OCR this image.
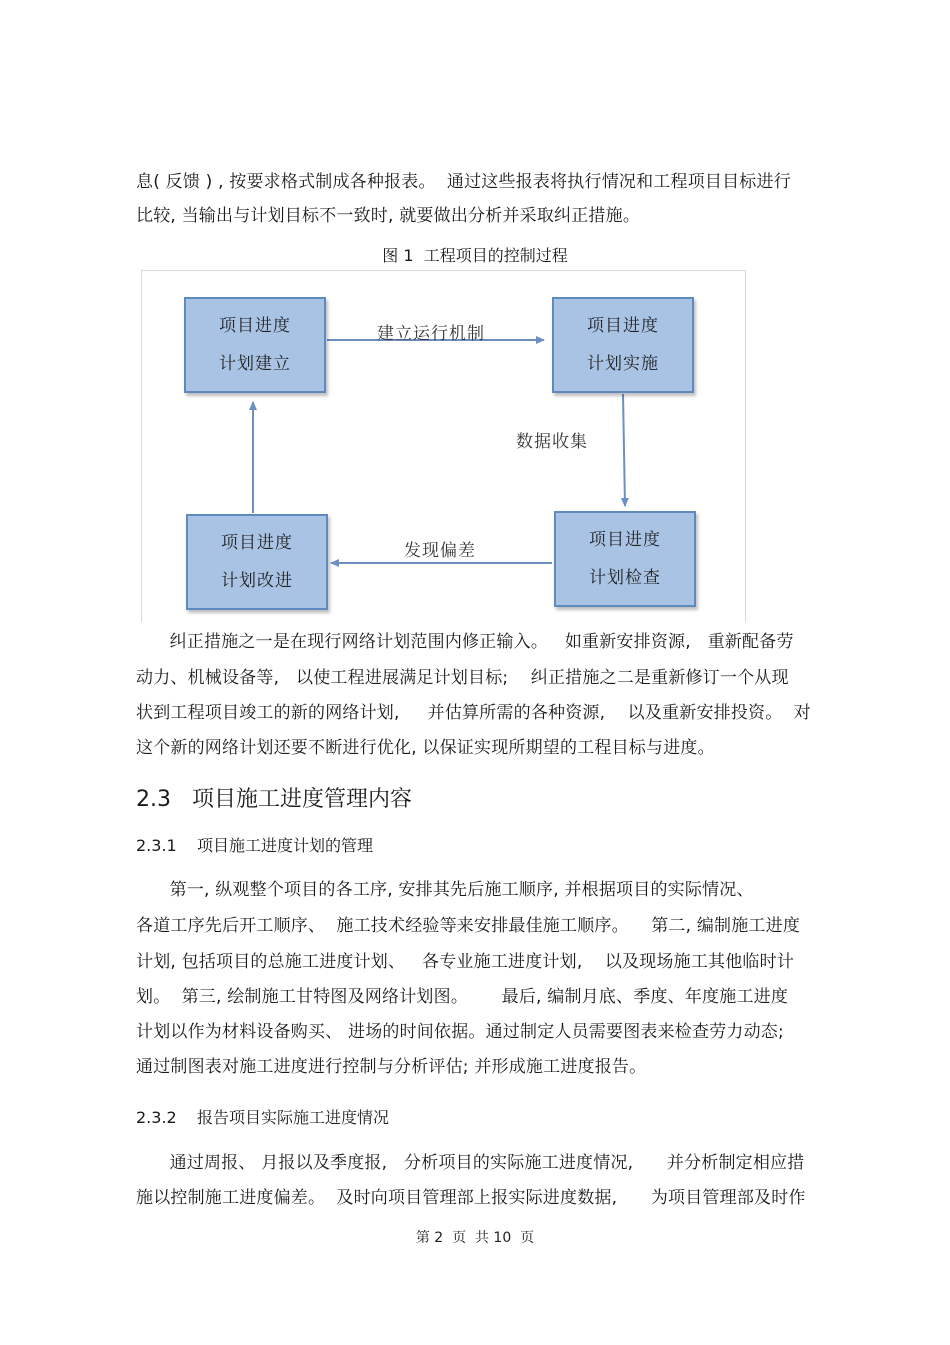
息( 反馈 ) , 按要求格式制成各种报表。  通过这些报表将执行情况和工程项目目标进行
比较, 当输出与计划目标不一致时, 就要做出分析并采取纠正措施。
图 1  工程项目的控制过程
项目进度
计划建立
项目进度
计划实施
项目进度
计划检查
项目进度
计划改进
建立运行机制
数据收集
发现偏差
纠正措施之一是在现行网络计划范围内修正输入。   如重新安排资源,   重新配备劳
动力、机械设备等,   以使工程进展满足计划目标;    纠正措施之二是重新修订一个从现
状到工程项目竣工的新的网络计划,     并估算所需的各种资源,    以及重新安排投资。  对
这个新的网络计划还要不断进行优化, 以保证实现所期望的工程目标与进度。
2.3   项目施工进度管理内容
2.3.1    项目施工进度计划的管理
第一, 纵观整个项目的各工序, 安排其先后施工顺序, 并根据项目的实际情况、
各道工序先后开工顺序、  施工技术经验等来安排最佳施工顺序。    第二, 编制施工进度
计划, 包括项目的总施工进度计划、   各专业施工进度计划,    以及现场施工其他临时计
划。  第三, 绘制施工甘特图及网络计划图。      最后, 编制月底、季度、年度施工进度
计划以作为材料设备购买、 进场的时间依据。通过制定人员需要图表来检查劳力动态;
通过制图表对施工进度进行控制与分析评估; 并形成施工进度报告。
2.3.2    报告项目实际施工进度情况
通过周报、 月报以及季度报,   分析项目的实际施工进度情况,      并分析制定相应措
施以控制施工进度偏差。  及时向项目管理部上报实际进度数据,      为项目管理部及时作
第 2  页  共 10  页
